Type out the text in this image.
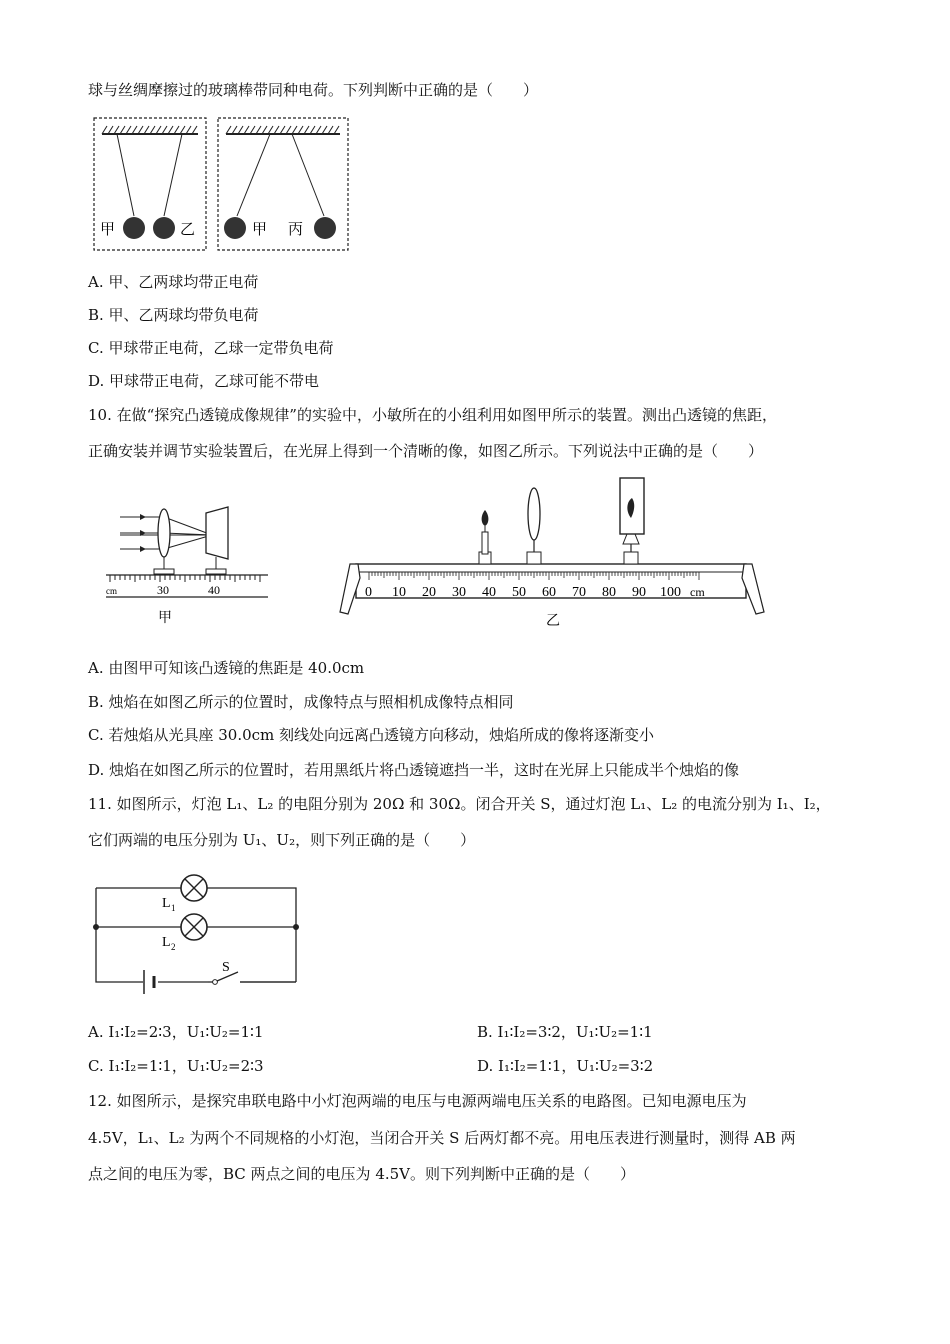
球与丝绸摩擦过的玻璃棒带同种电荷。下列判断中正确的是（　　）
甲	乙	甲 丙
A. 甲、乙两球均带正电荷
B. 甲、乙两球均带负电荷
C. 甲球带正电荷，乙球一定带负电荷
D. 甲球带正电荷，乙球可能不带电
10. 在做“探究凸透镜成像规律”的实验中，小敏所在的小组利用如图甲所示的装置。测出凸透镜的焦距，
正确安装并调节实验装置后，在光屏上得到一个清晰的像，如图乙所示。下列说法中正确的是（　　）
cm	30	40
甲
0 10 20 30 40 50 60 70 80 90 100 cm
乙
A. 由图甲可知该凸透镜的焦距是 40.0cm
B. 烛焰在如图乙所示的位置时，成像特点与照相机成像特点相同
C. 若烛焰从光具座 30.0cm 刻线处向远离凸透镜方向移动，烛焰所成的像将逐渐变小
D. 烛焰在如图乙所示的位置时，若用黑纸片将凸透镜遮挡一半，这时在光屏上只能成半个烛焰的像
11. 如图所示，灯泡 L₁、L₂ 的电阻分别为 20Ω 和 30Ω。闭合开关 S，通过灯泡 L₁、L₂ 的电流分别为 I₁、I₂，
它们两端的电压分别为 U₁、U₂，则下列正确的是（　　）
L 1
L 2
S
A. I₁∶I₂=2∶3，U₁∶U₂=1∶1	B. I₁∶I₂=3∶2，U₁∶U₂=1∶1
C. I₁∶I₂=1∶1，U₁∶U₂=2∶3	D. I₁∶I₂=1∶1，U₁∶U₂=3∶2
12. 如图所示，是探究串联电路中小灯泡两端的电压与电源两端电压关系的电路图。已知电源电压为
4.5V，L₁、L₂ 为两个不同规格的小灯泡，当闭合开关 S 后两灯都不亮。用电压表进行测量时，测得 AB 两
点之间的电压为零，BC 两点之间的电压为 4.5V。则下列判断中正确的是（　　）
